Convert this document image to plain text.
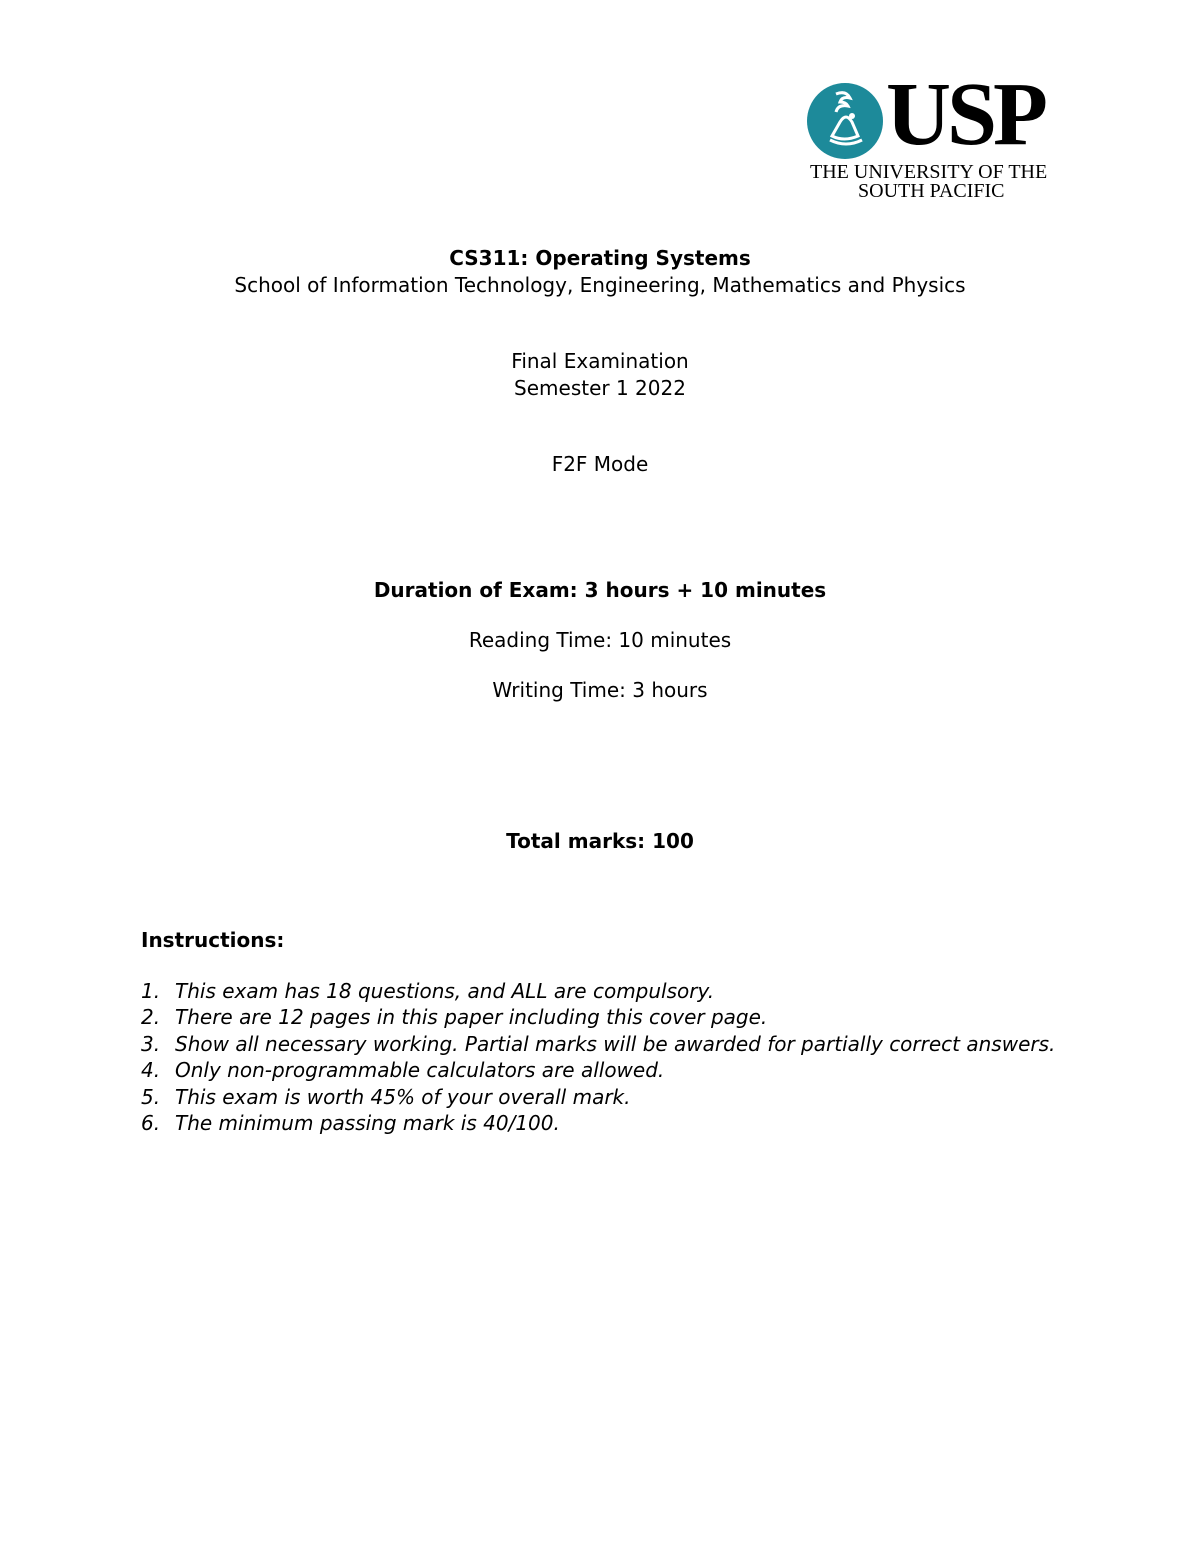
USP
THE UNIVERSITY OF THE
SOUTH PACIFIC
CS311: Operating Systems
School of Information Technology, Engineering, Mathematics and Physics
Final Examination
Semester 1 2022
F2F Mode
Duration of Exam: 3 hours + 10 minutes
Reading Time: 10 minutes
Writing Time: 3 hours
Total marks: 100
Instructions:
1. This exam has 18 questions, and ALL are compulsory.
2. There are 12 pages in this paper including this cover page.
3. Show all necessary working. Partial marks will be awarded for partially correct answers.
4. Only non-programmable calculators are allowed.
5. This exam is worth 45% of your overall mark.
6. The minimum passing mark is 40/100.
